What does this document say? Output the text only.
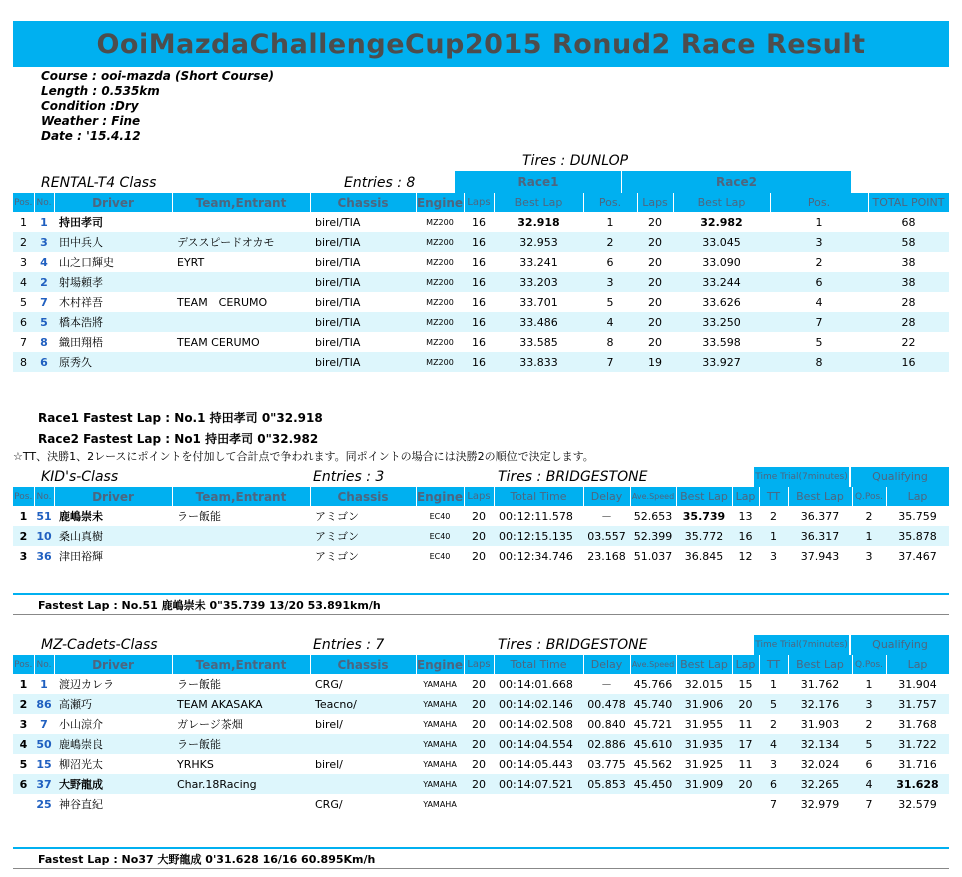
OoiMazdaChallengeCup2015 Ronud2 Race Result
Course : ooi-mazda (Short Course)
Length : 0.535km
Condition :Dry
Weather : Fine
Date : '15.4.12
Tires : DUNLOP
RENTAL-T4 Class	Entries : 8	Race1	Race2
Pos.	No.	Driver	Team,Entrant	Chassis	Engine	Laps	Best Lap	Pos.	Laps	Best Lap	Pos.	TOTAL POINT
1	1	持田孝司		birel/TIA	MZ200	16	32.918	1	20	32.982	1	68
2	3	田中兵人	デススピードオカモ	birel/TIA	MZ200	16	32.953	2	20	33.045	3	58
3	4	山之口輝史	EYRT	birel/TIA	MZ200	16	33.241	6	20	33.090	2	38
4	2	射場頼孝		birel/TIA	MZ200	16	33.203	3	20	33.244	6	38
5	7	木村祥吾	TEAM　CERUMO	birel/TIA	MZ200	16	33.701	5	20	33.626	4	28
6	5	橋本浩將		birel/TIA	MZ200	16	33.486	4	20	33.250	7	28
7	8	織田翔梧	TEAM CERUMO	birel/TIA	MZ200	16	33.585	8	20	33.598	5	22
8	6	原秀久		birel/TIA	MZ200	16	33.833	7	19	33.927	8	16
Race1 Fastest Lap : No.1 持田孝司 0"32.918
Race2 Fastest Lap : No1 持田孝司 0"32.982
☆TT、決勝1、2レースにポイントを付加して合計点で争われます。同ポイントの場合には決勝2の順位で決定します。
KID's-Class	Entries : 3	Tires : BRIDGESTONE	Time Trial(7minutes)	Qualifying
Pos.	No.	Driver	Team,Entrant	Chassis	Engine	Laps	Total Time	Delay	Ave.Speed	Best Lap	Lap	TT	Best Lap	Q.Pos.	Lap
1	51	鹿嶋崇未	ラー飯能	アミゴン	EC40	20	00:12:11.578	－	52.653	35.739	13	2	36.377	2	35.759
2	10	桑山真樹		アミゴン	EC40	20	00:12:15.135	03.557	52.399	35.772	16	1	36.317	1	35.878
3	36	津田裕輝		アミゴン	EC40	20	00:12:34.746	23.168	51.037	36.845	12	3	37.943	3	37.467
Fastest Lap : No.51 鹿嶋崇未 0"35.739 13/20 53.891km/h
MZ-Cadets-Class	Entries : 7	Tires : BRIDGESTONE	Time Trial(7minutes)	Qualifying
Pos.	No.	Driver	Team,Entrant	Chassis	Engine	Laps	Total Time	Delay	Ave.Speed	Best Lap	Lap	TT	Best Lap	Q.Pos.	Lap
1	1	渡辺カレラ	ラー飯能	CRG/	YAMAHA	20	00:14:01.668	－	45.766	32.015	15	1	31.762	1	31.904
2	86	高瀬巧	TEAM AKASAKA	Teacno/	YAMAHA	20	00:14:02.146	00.478	45.740	31.906	20	5	32.176	3	31.757
3	7	小山涼介	ガレージ茶畑	birel/	YAMAHA	20	00:14:02.508	00.840	45.721	31.955	11	2	31.903	2	31.768
4	50	鹿嶋崇良	ラー飯能		YAMAHA	20	00:14:04.554	02.886	45.610	31.935	17	4	32.134	5	31.722
5	15	柳沼光太	YRHKS	birel/	YAMAHA	20	00:14:05.443	03.775	45.562	31.925	11	3	32.024	6	31.716
6	37	大野龍成	Char.18Racing		YAMAHA	20	00:14:07.521	05.853	45.450	31.909	20	6	32.265	4	31.628
	25	神谷直紀		CRG/	YAMAHA							7	32.979	7	32.579
Fastest Lap : No37 大野龍成 0'31.628 16/16 60.895Km/h
